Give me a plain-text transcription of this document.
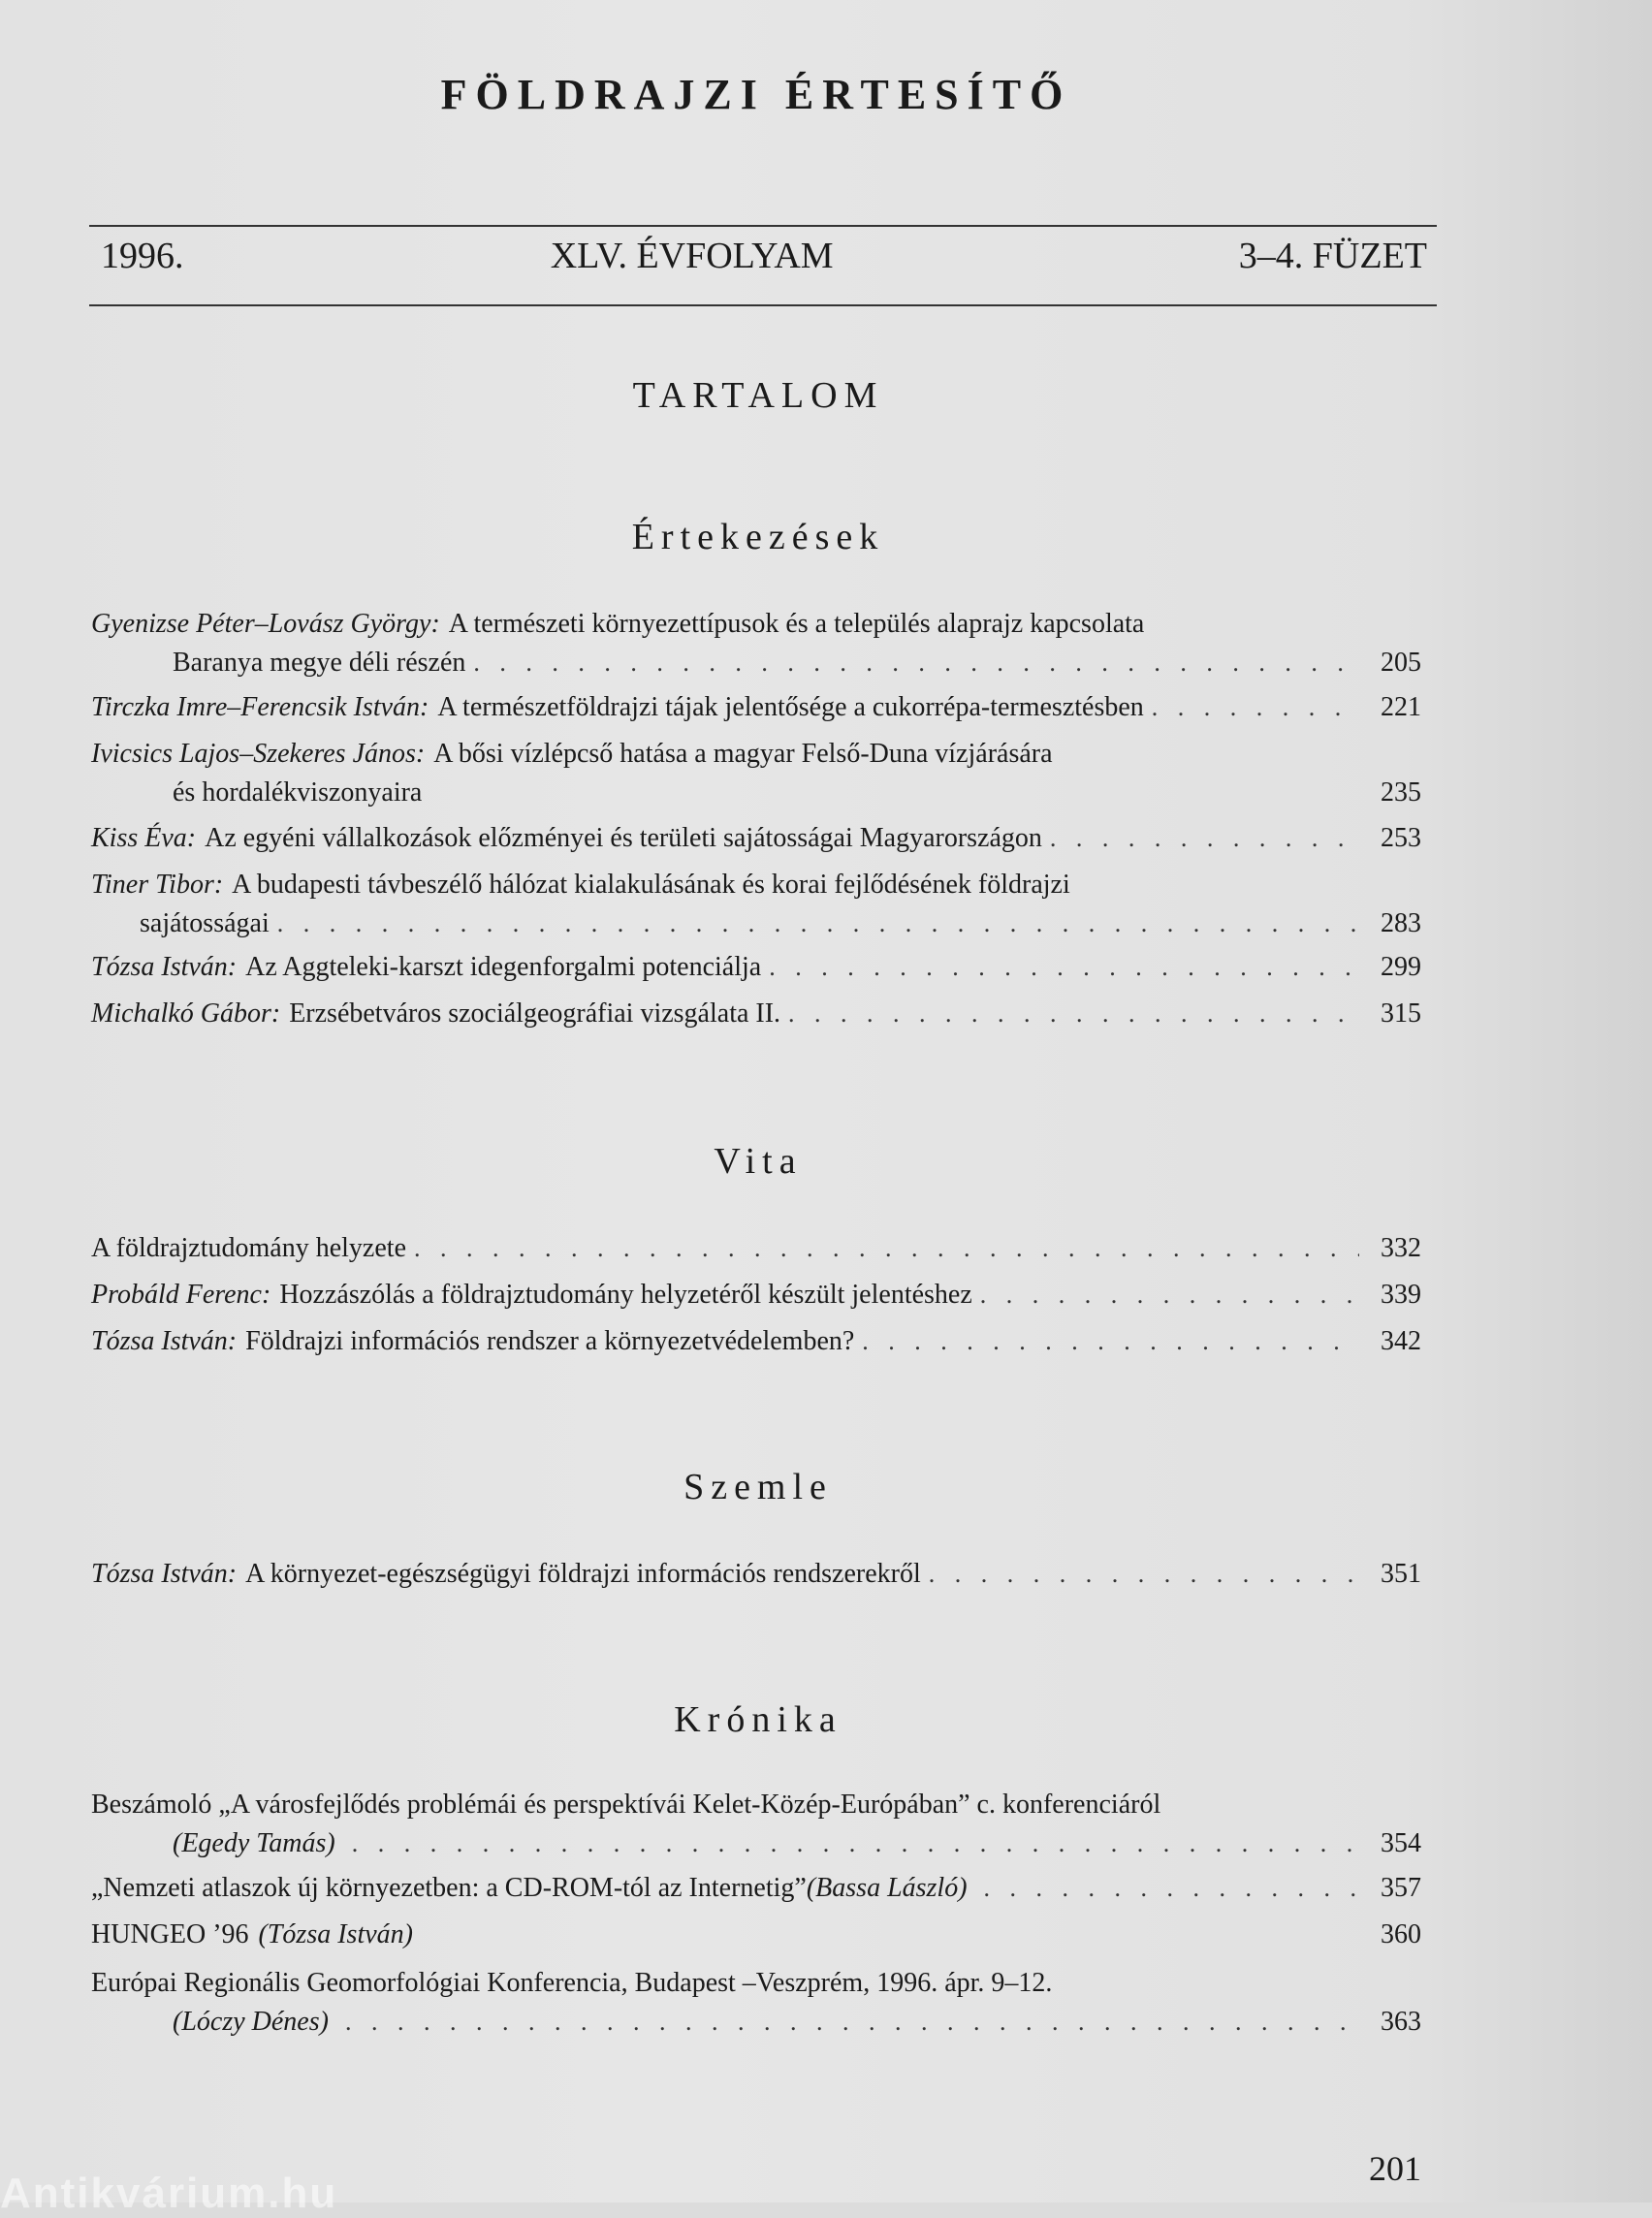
FÖLDRAJZI ÉRTESÍTŐ
1996.	XLV. ÉVFOLYAM	3–4. FÜZET
TARTALOM
Értekezések
Gyenizse Péter–Lovász György: A természeti környezettípusok és a település alaprajz kapcsolata
Baranya megye déli részén . . .	205
Tirczka Imre–Ferencsik István: A természetföldrajzi tájak jelentősége a cukorrépa-termesztésben . . .	221
Ivicsics Lajos–Szekeres János: A bősi vízlépcső hatása a magyar Felső-Duna vízjárására
és hordalékviszonyaira	235
Kiss Éva: Az egyéni vállalkozások előzményei és területi sajátosságai Magyarországon . . .	253
Tiner Tibor: A budapesti távbeszélő hálózat kialakulásának és korai fejlődésének földrajzi
sajátosságai . . .	283
Tózsa István: Az Aggteleki-karszt idegenforgalmi potenciálja . . .	299
Michalkó Gábor: Erzsébetváros szociálgeográfiai vizsgálata II. . . .	315
Vita
A földrajztudomány helyzete . . .	332
Probáld Ferenc: Hozzászólás a földrajztudomány helyzetéről készült jelentéshez . . .	339
Tózsa István: Földrajzi információs rendszer a környezetvédelemben? . . .	342
Szemle
Tózsa István: A környezet-egészségügyi földrajzi információs rendszerekről . . .	351
Krónika
Beszámoló „A városfejlődés problémái és perspektívái Kelet-Közép-Európában” c. konferenciáról
(Egedy Tamás) . . .	354
„Nemzeti atlaszok új környezetben: a CD-ROM-tól az Internetig” (Bassa László) . . .	357
HUNGEO ’96 (Tózsa István)	360
Európai Regionális Geomorfológiai Konferencia, Budapest –Veszprém, 1996. ápr. 9–12.
(Lóczy Dénes) . . .	363
201
Antikvárium.hu
